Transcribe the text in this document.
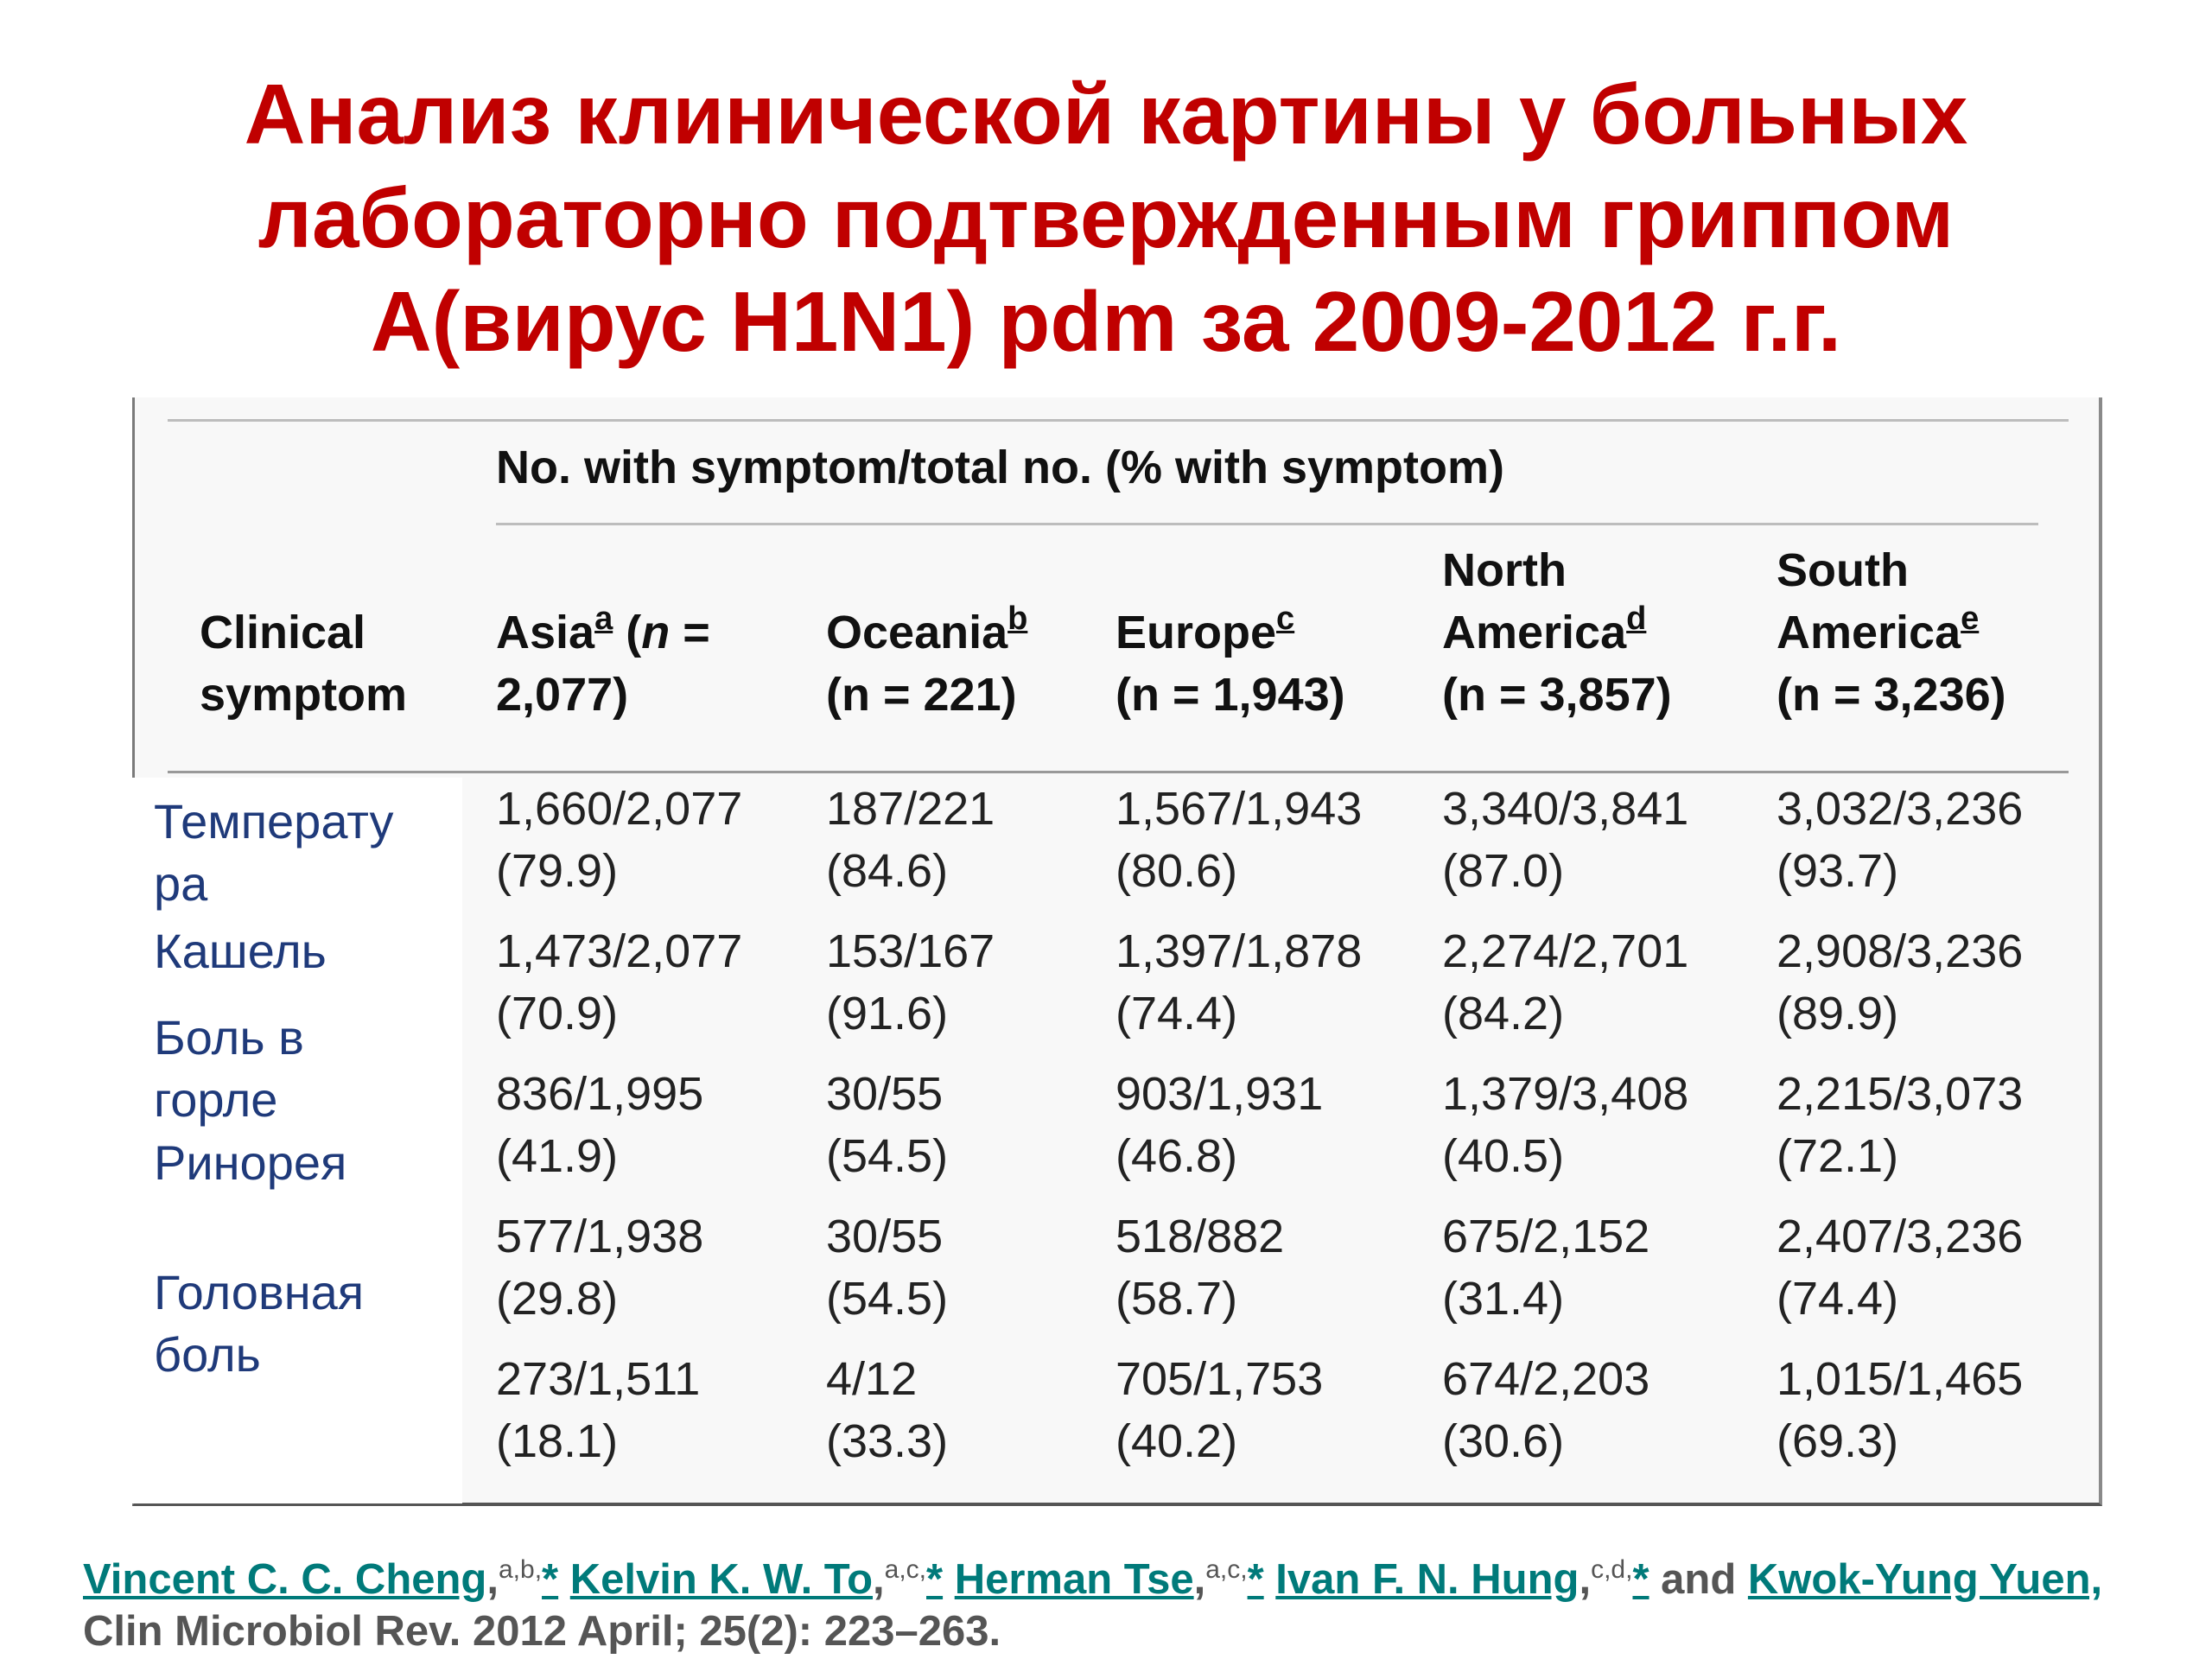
Анализ клинической картины у больных
лабораторно подтвержденным гриппом
А(вирус Н1N1) pdm за 2009-2012 г.г.
No. with symptom/total no. (% with symptom)
Clinical
symptom
Asia$^a$ (n =
2,077)
Oceania$^b$
(n = 221)
Europe$^c$
(n = 1,943)
North
America$^d$
(n = 3,857)
South
America$^e$
(n = 3,236)
1,660/2,077
(79.9)
187/221
(84.6)
1,567/1,943
(80.6)
3,340/3,841
(87.0)
3,032/3,236
(93.7)
1,473/2,077
(70.9)
153/167
(91.6)
1,397/1,878
(74.4)
2,274/2,701
(84.2)
2,908/3,236
(89.9)
836/1,995
(41.9)
30/55
(54.5)
903/1,931
(46.8)
1,379/3,408
(40.5)
2,215/3,073
(72.1)
577/1,938
(29.8)
30/55
(54.5)
518/882
(58.7)
675/2,152
(31.4)
2,407/3,236
(74.4)
273/1,511
(18.1)
4/12
(33.3)
705/1,753
(40.2)
674/2,203
(30.6)
1,015/1,465
(69.3)
Температу
ра
Кашель
Боль в
горле
Ринорея
Головная
боль
Vincent C. C. Cheng,$^{a,b,}$* Kelvin K. W. To,$^{a,c,}$* Herman Tse,$^{a,c,}$* Ivan F. N. Hung,$^{c,d,}$* and Kwok-Yung Yuen, Clin Microbiol Rev. 2012 April; 25(2): 223–263.
